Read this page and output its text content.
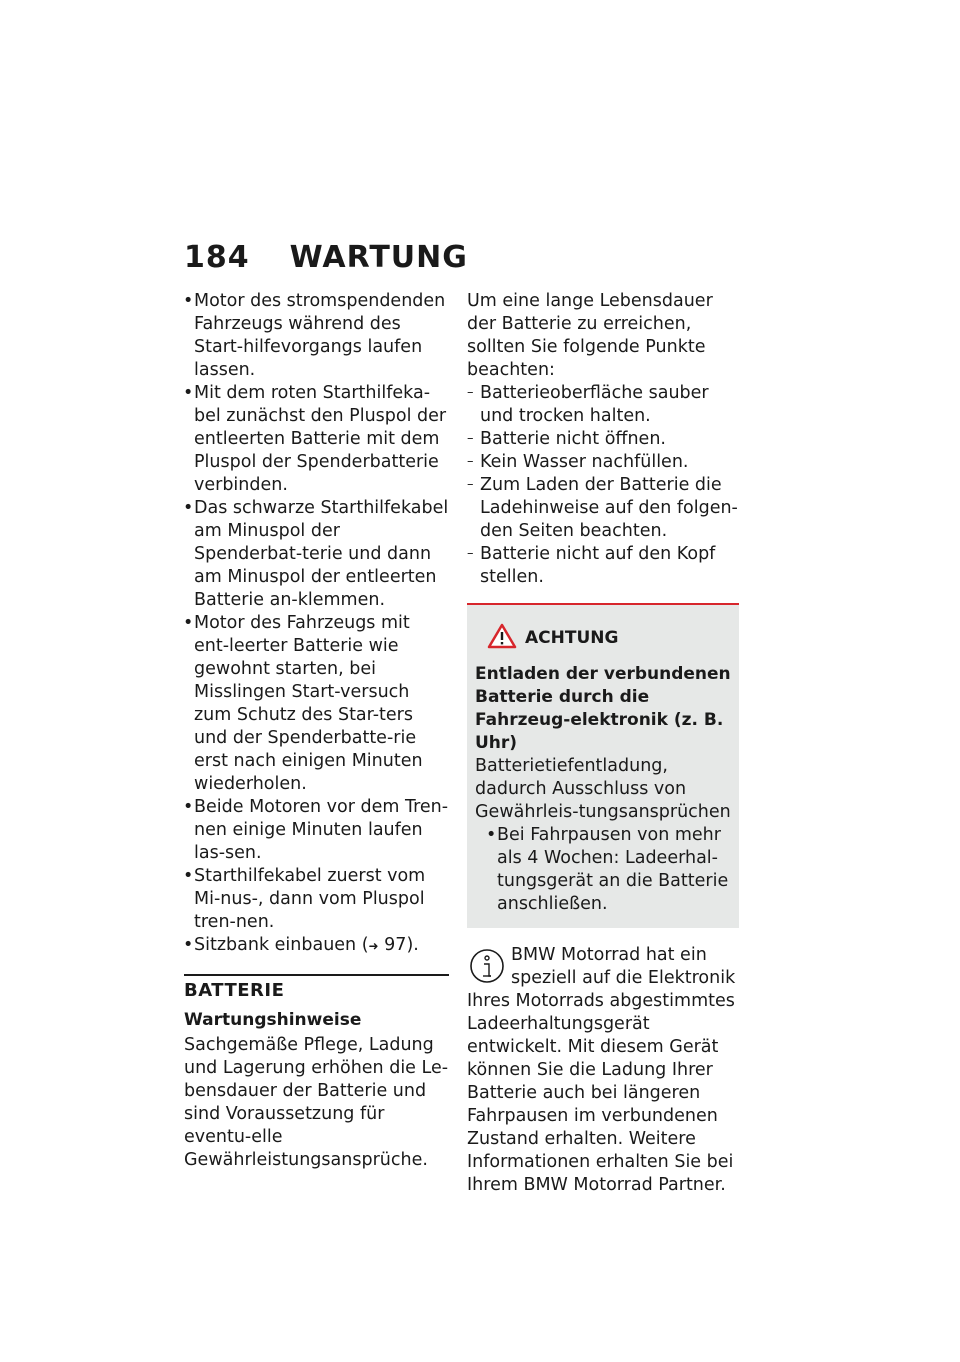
184 WARTUNG
• Motor des stromspendenden Fahrzeugs während des Start-hilfevorgangs laufen lassen.
• Mit dem roten Starthilfeka-bel zunächst den Pluspol der entleerten Batterie mit dem Pluspol der Spenderbatterie verbinden.
• Das schwarze Starthilfekabel am Minuspol der Spenderbat-terie und dann am Minuspol der entleerten Batterie an-klemmen.
• Motor des Fahrzeugs mit ent-leerter Batterie wie gewohnt starten, bei Misslingen Start-versuch zum Schutz des Star-ters und der Spenderbatte-rie erst nach einigen Minuten wiederholen.
• Beide Motoren vor dem Tren-nen einige Minuten laufen las-sen.
• Starthilfekabel zuerst vom Mi-nus-, dann vom Pluspol tren-nen.
• Sitzbank einbauen (➜ 97).
BATTERIE
Wartungshinweise

Sachgemäße Pflege, Ladung und Lagerung erhöhen die Le-bensdauer der Batterie und sind Voraussetzung für eventu-elle Gewährleistungsansprüche.

Um eine lange Lebensdauer der Batterie zu erreichen, sollten Sie folgende Punkte beachten:

– Batterieoberfläche sauber und trocken halten.
– Batterie nicht öffnen.
– Kein Wasser nachfüllen.
– Zum Laden der Batterie die Ladehinweise auf den folgen-den Seiten beachten.
– Batterie nicht auf den Kopf stellen.
ACHTUNG

Entladen der verbundenen Batterie durch die Fahrzeug-elektronik (z. B. Uhr)

Batterietiefentladung, dadurch Ausschluss von Gewährleis-tungsansprüchen

• Bei Fahrpausen von mehr als 4 Wochen: Ladeerhal-tungsgerät an die Batterie anschließen.

BMW Motorrad hat ein speziell auf die Elektronik

Ihres Motorrads abgestimmtes Ladeerhaltungsgerät entwickelt. Mit diesem Gerät können Sie die Ladung Ihrer Batterie auch bei längeren Fahrpausen im verbundenen Zustand erhalten. Weitere Informationen erhalten Sie bei Ihrem BMW Motorrad Partner.
